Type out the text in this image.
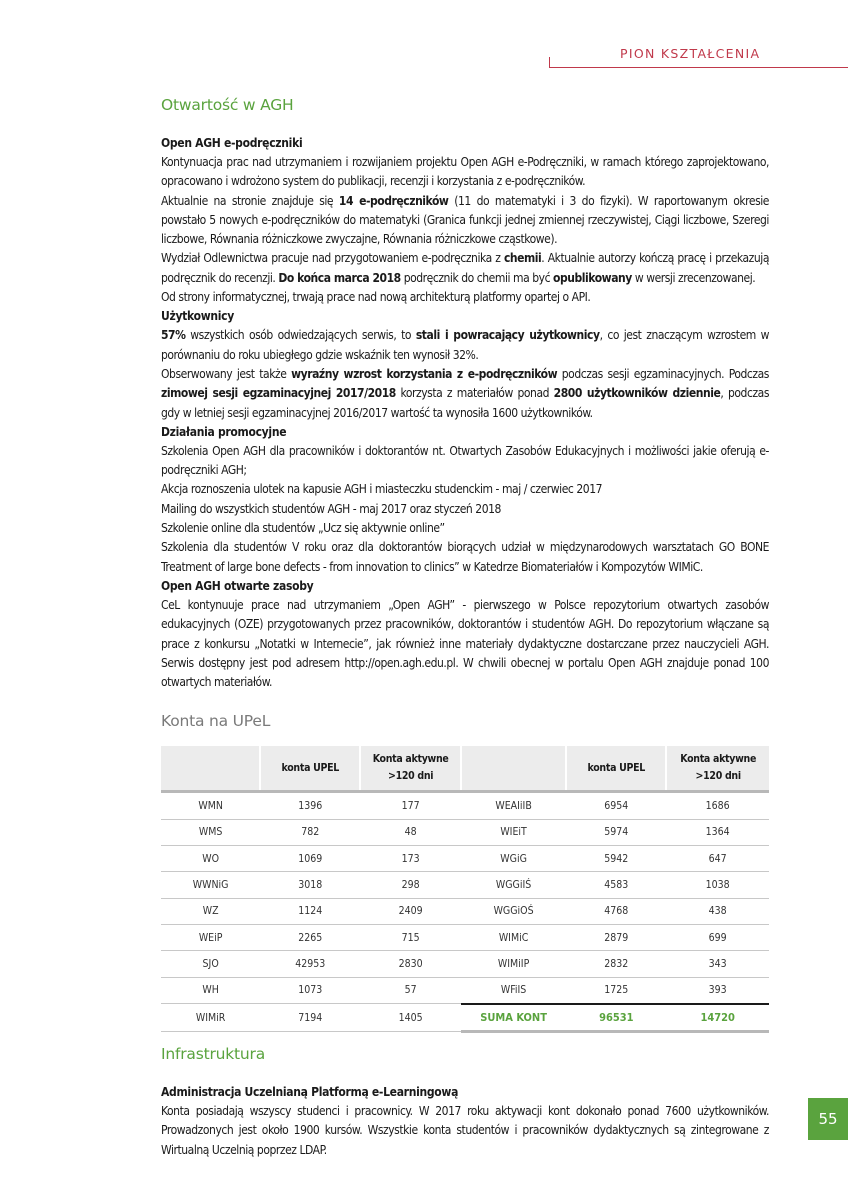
PION KSZTAŁCENIA
Otwartość w AGH
Open AGH e-podręczniki

Kontynuacja prac nad utrzymaniem i rozwijaniem projektu Open AGH e-Podręczniki, w ramach którego zaprojektowano, opracowano i wdrożono system do publikacji, recenzji i korzystania z e-podręczników.

Aktualnie na stronie znajduje się 14 e-podręczników (11 do matematyki i 3 do fizyki). W raportowanym okresie powstało 5 nowych e-podręczników do matematyki (Granica funkcji jednej zmiennej rzeczywistej, Ciągi liczbowe, Szeregi liczbowe, Równania różniczkowe zwyczajne, Równania różniczkowe cząstkowe).

Wydział Odlewnictwa pracuje nad przygotowaniem e-podręcznika z chemii. Aktualnie autorzy kończą pracę i przekazują podręcznik do recenzji. Do końca marca 2018 podręcznik do chemii ma być opublikowany w wersji zrecenzowanej.

Od strony informatycznej, trwają prace nad nową architekturą platformy opartej o API.

Użytkownicy

57% wszystkich osób odwiedzających serwis, to stali i powracający użytkownicy, co jest znaczącym wzrostem w porównaniu do roku ubiegłego gdzie wskaźnik ten wynosił 32%.

Obserwowany jest także wyraźny wzrost korzystania z e-podręczników podczas sesji egzaminacyjnych. Podczas zimowej sesji egzaminacyjnej 2017/2018 korzysta z materiałów ponad 2800 użytkowników dziennie, podczas gdy w letniej sesji egzaminacyjnej 2016/2017 wartość ta wynosiła 1600 użytkowników.

Działania promocyjne

Szkolenia Open AGH dla pracowników i doktorantów nt. Otwartych Zasobów Edukacyjnych i możliwości jakie oferują e-podręczniki AGH;

Akcja roznoszenia ulotek na kapusie AGH i miasteczku studenckim - maj / czerwiec 2017

Mailing do wszystkich studentów AGH - maj 2017 oraz styczeń 2018

Szkolenie online dla studentów „Ucz się aktywnie online”

Szkolenia dla studentów V roku oraz dla doktorantów biorących udział w międzynarodowych warsztatach GO BONE Treatment of large bone defects - from innovation to clinics” w Katedrze Biomateriałów i Kompozytów WIMiC.

Open AGH otwarte zasoby

CeL kontynuuje prace nad utrzymaniem „Open AGH” - pierwszego w Polsce repozytorium otwartych zasobów edukacyjnych (OZE) przygotowanych przez pracowników, doktorantów i studentów AGH. Do repozytorium włączane są prace z konkursu „Notatki w Internecie”, jak również inne materiały dydaktyczne dostarczane przez nauczycieli AGH. Serwis dostępny jest pod adresem http://open.agh.edu.pl. W chwili obecnej w portalu Open AGH znajduje ponad 100 otwartych materiałów.

Konta na UPeL
	konta UPEL	Konta aktywne >120 dni		konta UPEL	Konta aktywne >120 dni
WMN	1396	177	WEAIiIB	6954	1686
WMS	782	48	WIEiT	5974	1364
WO	1069	173	WGiG	5942	647
WWNiG	3018	298	WGGiIŚ	4583	1038
WZ	1124	2409	WGGiOŚ	4768	438
WEiP	2265	715	WIMiC	2879	699
SJO	42953	2830	WIMiIP	2832	343
WH	1073	57	WFiIS	1725	393
WIMiR	7194	1405	SUMA KONT	96531	14720
Infrastruktura
Administracja Uczelnianą Platformą e-Learningową

Konta posiadają wszyscy studenci i pracownicy. W 2017 roku aktywacji kont dokonało ponad 7600 użytkowników. Prowadzonych jest około 1900 kursów. Wszystkie konta studentów i pracowników dydaktycznych są zintegrowane z Wirtualną Uczelnią poprzez LDAP.

55
